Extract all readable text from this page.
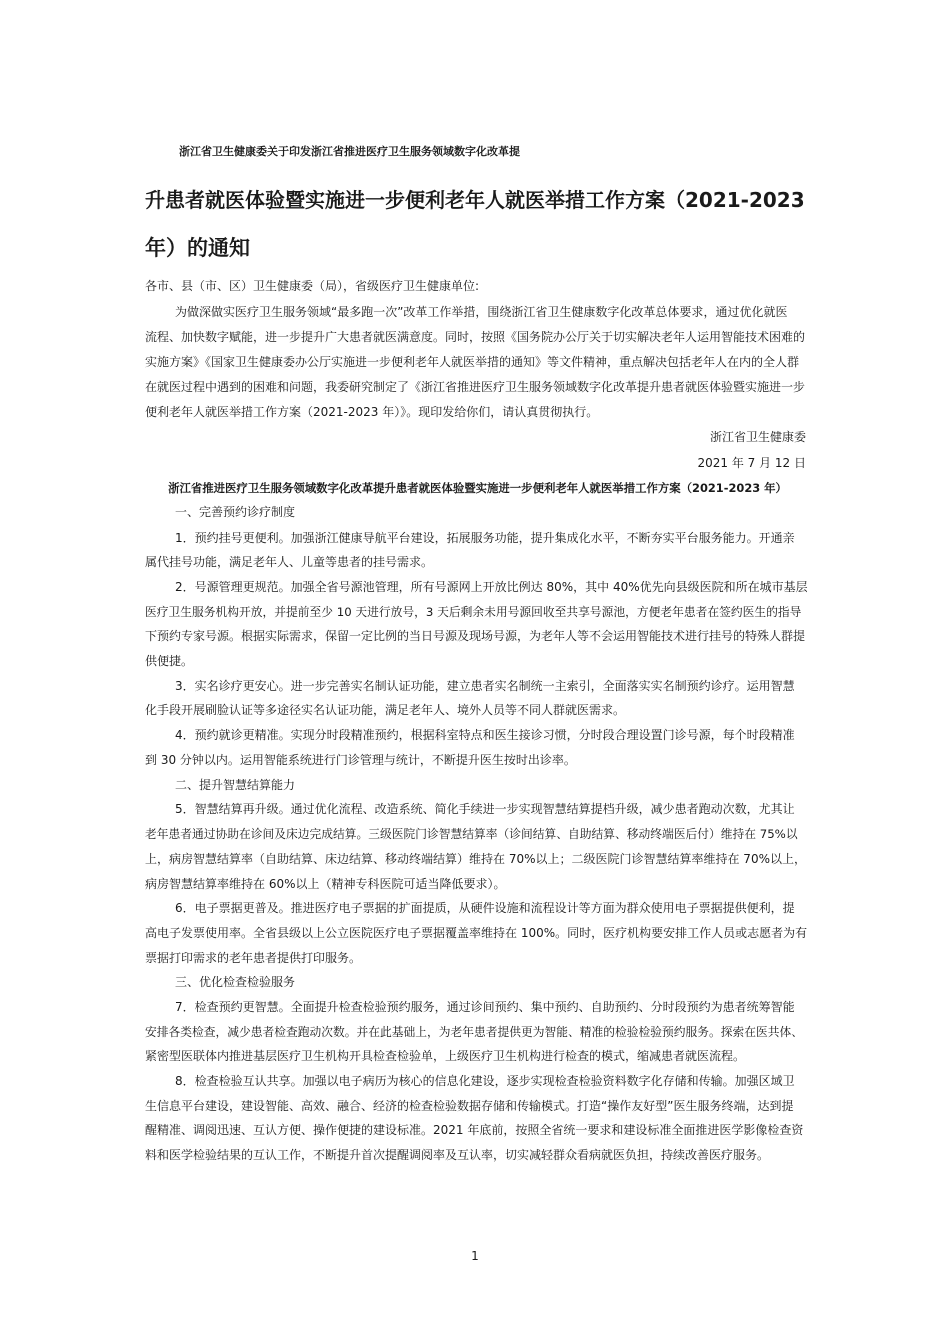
浙江省卫生健康委关于印发浙江省推进医疗卫生服务领域数字化改革提
升患者就医体验暨实施进一步便利老年人就医举措工作方案（2021-2023
年）的通知

各市、县（市、区）卫生健康委（局），省级医疗卫生健康单位:

为做深做实医疗卫生服务领域“最多跑一次”改革工作举措，围绕浙江省卫生健康数字化改革总体要求，通过优化就医

流程、加快数字赋能，进一步提升广大患者就医满意度。同时，按照《国务院办公厅关于切实解决老年人运用智能技术困难的

实施方案》《国家卫生健康委办公厅实施进一步便利老年人就医举措的通知》等文件精神，重点解决包括老年人在内的全人群

在就医过程中遇到的困难和问题，我委研究制定了《浙江省推进医疗卫生服务领域数字化改革提升患者就医体验暨实施进一步

便利老年人就医举措工作方案（2021-2023 年）》。现印发给你们，请认真贯彻执行。

浙江省卫生健康委

2021 年 7 月 12 日

浙江省推进医疗卫生服务领域数字化改革提升患者就医体验暨实施进一步便利老年人就医举措工作方案（2021-2023 年）

一、完善预约诊疗制度

1．预约挂号更便利。加强浙江健康导航平台建设，拓展服务功能，提升集成化水平，不断夯实平台服务能力。开通亲

属代挂号功能，满足老年人、儿童等患者的挂号需求。

2．号源管理更规范。加强全省号源池管理，所有号源网上开放比例达 80%，其中 40%优先向县级医院和所在城市基层

医疗卫生服务机构开放，并提前至少 10 天进行放号，3 天后剩余未用号源回收至共享号源池，方便老年患者在签约医生的指导

下预约专家号源。根据实际需求，保留一定比例的当日号源及现场号源，为老年人等不会运用智能技术进行挂号的特殊人群提

供便捷。

3．实名诊疗更安心。进一步完善实名制认证功能，建立患者实名制统一主索引，全面落实实名制预约诊疗。运用智慧

化手段开展刷脸认证等多途径实名认证功能，满足老年人、境外人员等不同人群就医需求。

4．预约就诊更精准。实现分时段精准预约，根据科室特点和医生接诊习惯，分时段合理设置门诊号源，每个时段精准

到 30 分钟以内。运用智能系统进行门诊管理与统计，不断提升医生按时出诊率。

二、提升智慧结算能力

5．智慧结算再升级。通过优化流程、改造系统、简化手续进一步实现智慧结算提档升级，减少患者跑动次数，尤其让

老年患者通过协助在诊间及床边完成结算。三级医院门诊智慧结算率（诊间结算、自助结算、移动终端医后付）维持在 75%以

上，病房智慧结算率（自助结算、床边结算、移动终端结算）维持在 70%以上；二级医院门诊智慧结算率维持在 70%以上，

病房智慧结算率维持在 60%以上（精神专科医院可适当降低要求）。

6．电子票据更普及。推进医疗电子票据的扩面提质，从硬件设施和流程设计等方面为群众使用电子票据提供便利，提

高电子发票使用率。全省县级以上公立医院医疗电子票据覆盖率维持在 100%。同时，医疗机构要安排工作人员或志愿者为有

票据打印需求的老年患者提供打印服务。

三、优化检查检验服务

7．检查预约更智慧。全面提升检查检验预约服务，通过诊间预约、集中预约、自助预约、分时段预约为患者统筹智能

安排各类检查，减少患者检查跑动次数。并在此基础上，为老年患者提供更为智能、精准的检验检验预约服务。探索在医共体、

紧密型医联体内推进基层医疗卫生机构开具检查检验单，上级医疗卫生机构进行检查的模式，缩减患者就医流程。

8．检查检验互认共享。加强以电子病历为核心的信息化建设，逐步实现检查检验资料数字化存储和传输。加强区域卫

生信息平台建设，建设智能、高效、融合、经济的检查检验数据存储和传输模式。打造“操作友好型”医生服务终端，达到提

醒精准、调阅迅速、互认方便、操作便捷的建设标准。2021 年底前，按照全省统一要求和建设标准全面推进医学影像检查资

料和医学检验结果的互认工作，不断提升首次提醒调阅率及互认率，切实减轻群众看病就医负担，持续改善医疗服务。

1
